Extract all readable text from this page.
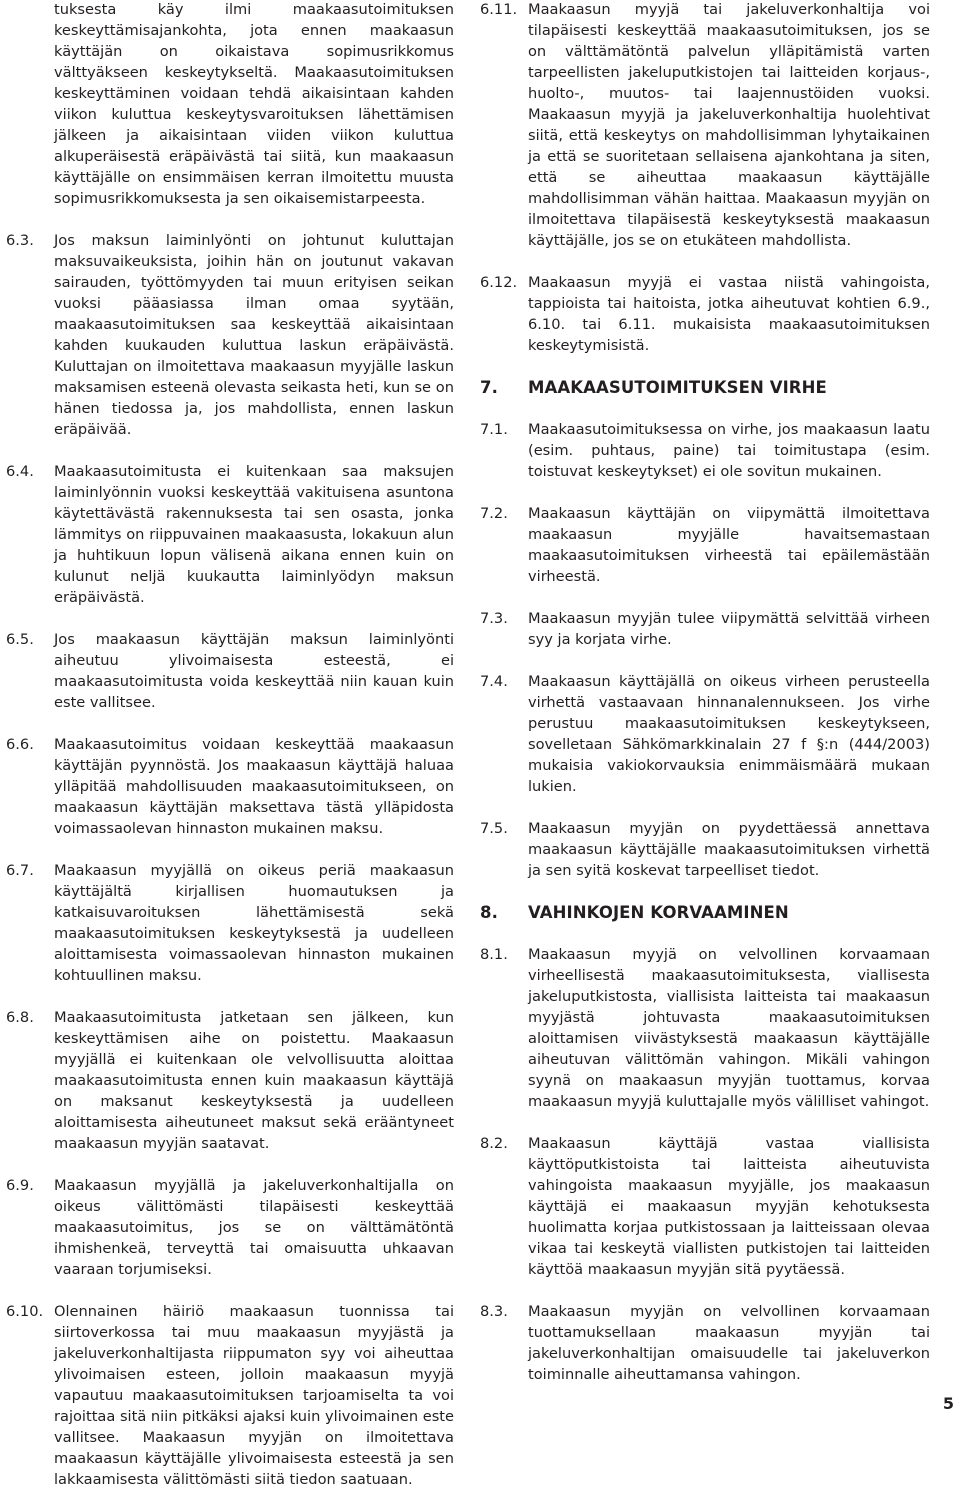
tuksesta käy ilmi maakaasutoimituksen keskeyttämisajankohta, jota ennen maakaasun käyttäjän on oikaistava sopimusrikkomus välttyäkseen keskeytykseltä. Maakaasutoimituksen keskeyttäminen voidaan tehdä aikaisintaan kahden viikon kuluttua keskeytysvaroituksen lähettämisen jälkeen ja aikaisintaan viiden viikon kuluttua alkuperäisestä eräpäivästä tai siitä, kun maakaasun käyttäjälle on ensimmäisen kerran ilmoitettu muusta sopimusrikkomuksesta ja sen oikaisemistarpeesta.

6.3.	Jos maksun laiminlyönti on johtunut kuluttajan maksuvaikeuksista, joihin hän on joutunut vakavan sairauden, työttömyyden tai muun erityisen seikan vuoksi pääasiassa ilman omaa syytään, maakaasutoimituksen saa keskeyttää aikaisintaan kahden kuukauden kuluttua laskun eräpäivästä. Kuluttajan on ilmoitettava maakaasun myyjälle laskun maksamisen esteenä olevasta seikasta heti, kun se on hänen tiedossa ja, jos mahdollista, ennen laskun eräpäivää.
6.4.	Maakaasutoimitusta ei kuitenkaan saa maksujen laiminlyönnin vuoksi keskeyttää vakituisena asuntona käytettävästä rakennuksesta tai sen osasta, jonka lämmitys on riippuvainen maakaasusta, lokakuun alun ja huhtikuun lopun välisenä aikana ennen kuin on kulunut neljä kuukautta laiminlyödyn maksun eräpäivästä.
6.5.	Jos maakaasun käyttäjän maksun laiminlyönti aiheutuu ylivoimaisesta esteestä, ei maakaasutoimitusta voida keskeyttää niin kauan kuin este vallitsee.
6.6.	Maakaasutoimitus voidaan keskeyttää maakaasun käyttäjän pyynnöstä. Jos maakaasun käyttäjä haluaa ylläpitää mahdollisuuden maakaasutoimitukseen, on maakaasun käyttäjän maksettava tästä ylläpidosta voimassaolevan hinnaston mukainen maksu.
6.7.	Maakaasun myyjällä on oikeus periä maakaasun käyttäjältä kirjallisen huomautuksen ja katkaisuvaroituksen lähettämisestä sekä maakaasutoimituksen keskeytyksestä ja uudelleen aloittamisesta voimassaolevan hinnaston mukainen kohtuullinen maksu.
6.8.	Maakaasutoimitusta jatketaan sen jälkeen, kun keskeyttämisen aihe on poistettu. Maakaasun myyjällä ei kuitenkaan ole velvollisuutta aloittaa maakaasutoimitusta ennen kuin maakaasun käyttäjä on maksanut keskeytyksestä ja uudelleen aloittamisesta aiheutuneet maksut sekä erääntyneet maakaasun myyjän saatavat.
6.9.	Maakaasun myyjällä ja jakeluverkonhaltijalla on oikeus välittömästi tilapäisesti keskeyttää maakaasutoimitus, jos se on välttämätöntä ihmishenkeä, terveyttä tai omaisuutta uhkaavan vaaraan torjumiseksi.
6.10. Olennainen häiriö maakaasun tuonnissa tai siirtoverkossa tai muu maakaasun myyjästä ja jakeluverkonhaltijasta riippumaton syy voi aiheuttaa ylivoimaisen esteen, jolloin maakaasun myyjä vapautuu maakaasutoimituksen tarjoamiselta ta voi rajoittaa sitä niin pitkäksi ajaksi kuin ylivoimainen este vallitsee. Maakaasun myyjän on ilmoitettava maakaasun käyttäjälle ylivoimaisesta esteestä ja sen lakkaamisesta välittömästi siitä tiedon saatuaan.
6.11. Maakaasun myyjä tai jakeluverkonhaltija voi tilapäisesti keskeyttää maakaasutoimituksen, jos se on välttämätöntä palvelun ylläpitämistä varten tarpeellisten jakeluputkistojen tai laitteiden korjaus-, huolto-, muutos- tai laajennustöiden vuoksi. Maakaasun myyjä ja jakeluverkonhaltija huolehtivat siitä, että keskeytys on mahdollisimman lyhytaikainen ja että se suoritetaan sellaisena ajankohtana ja siten, että se aiheuttaa maakaasun käyttäjälle mahdollisimman vähän haittaa. Maakaasun myyjän on ilmoitettava tilapäisestä keskeytyksestä maakaasun käyttäjälle, jos se on etukäteen mahdollista.
6.12. Maakaasun myyjä ei vastaa niistä vahingoista, tappioista tai haitoista, jotka aiheutuvat kohtien 6.9., 6.10. tai 6.11. mukaisista maakaasutoimituksen keskeytymisistä.
7.	MAAKAASUTOIMITUKSEN VIRHE
7.1.	Maakaasutoimituksessa on virhe, jos maakaasun laatu (esim. puhtaus, paine) tai toimitustapa (esim. toistuvat keskeytykset) ei ole sovitun mukainen.
7.2.	Maakaasun käyttäjän on viipymättä ilmoitettava maakaasun myyjälle havaitsemastaan maakaasutoimituksen virheestä tai epäilemästään virheestä.
7.3.	Maakaasun myyjän tulee viipymättä selvittää virheen syy ja korjata virhe.
7.4.	Maakaasun käyttäjällä on oikeus virheen perusteella virhettä vastaavaan hinnanalennukseen. Jos virhe perustuu maakaasutoimituksen keskeytykseen, sovelletaan Sähkömarkkinalain 27 f §:n (444/2003) mukaisia vakiokorvauksia enimmäismäärä mukaan lukien.
7.5.	Maakaasun myyjän on pyydettäessä annettava maakaasun käyttäjälle maakaasutoimituksen virhettä ja sen syitä koskevat tarpeelliset tiedot.
8.	VAHINKOJEN KORVAAMINEN
8.1.	Maakaasun myyjä on velvollinen korvaamaan virheellisestä maakaasutoimituksesta, viallisesta jakeluputkistosta, viallisista laitteista tai maakaasun myyjästä johtuvasta maakaasutoimituksen aloittamisen viivästyksestä maakaasun käyttäjälle aiheutuvan välittömän vahingon. Mikäli vahingon syynä on maakaasun myyjän tuottamus, korvaa maakaasun myyjä kuluttajalle myös välilliset vahingot.
8.2.	Maakaasun käyttäjä vastaa viallisista käyttöputkistoista tai laitteista aiheutuvista vahingoista maakaasun myyjälle, jos maakaasun käyttäjä ei maakaasun myyjän kehotuksesta huolimatta korjaa putkistossaan ja laitteissaan olevaa vikaa tai keskeytä viallisten putkistojen tai laitteiden käyttöä maakaasun myyjän sitä pyytäessä.
8.3.	Maakaasun myyjän on velvollinen korvaamaan tuottamuksellaan maakaasun myyjän tai jakeluverkonhaltijan omaisuudelle tai jakeluverkon toiminnalle aiheuttamansa vahingon.
5
